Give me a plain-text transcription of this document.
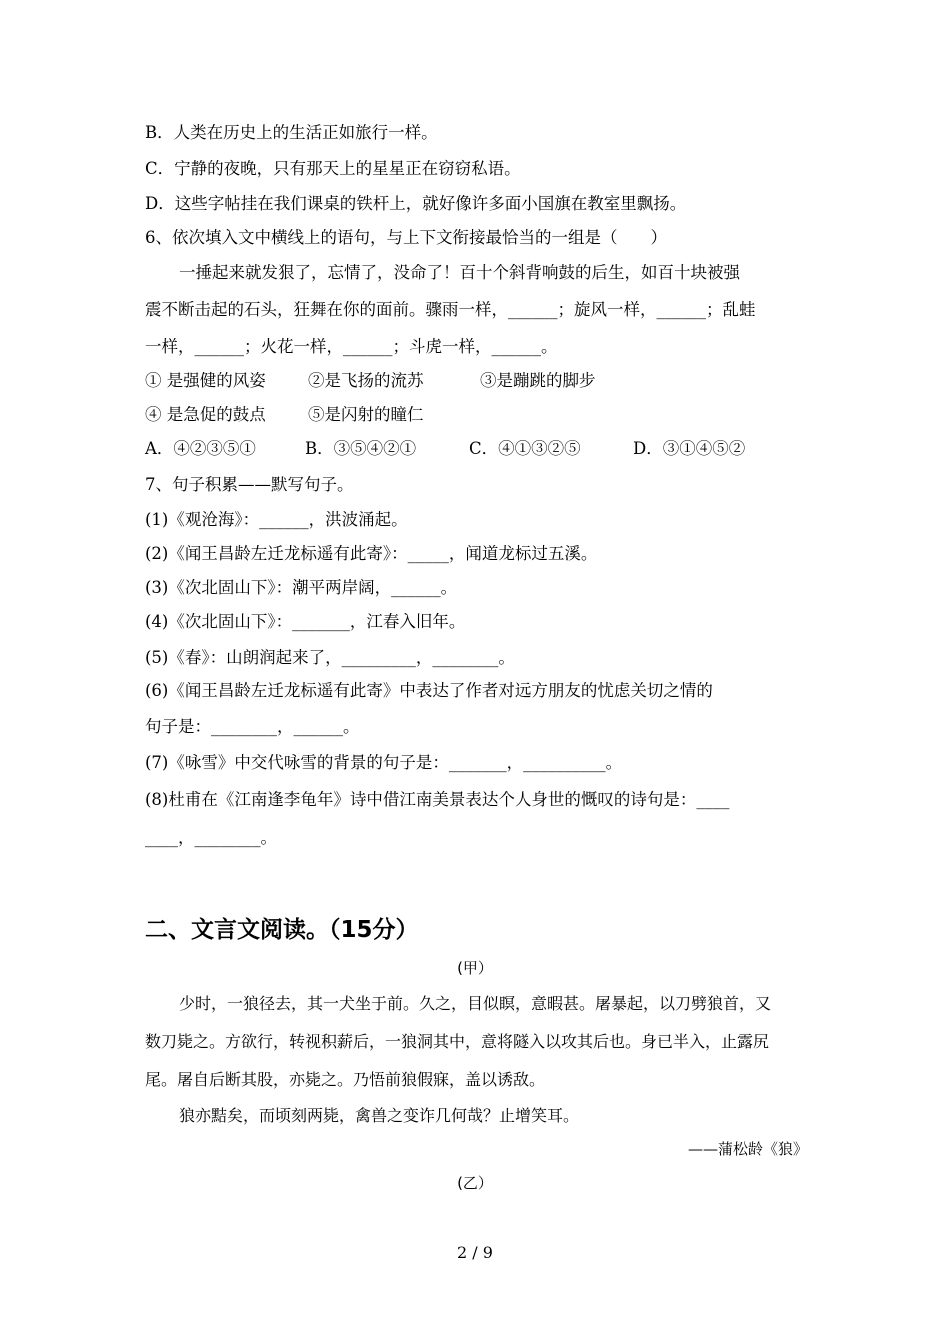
B．人类在历史上的生活正如旅行一样。
C．宁静的夜晚，只有那天上的星星正在窃窃私语。
D．这些字帖挂在我们课桌的铁杆上，就好像许多面小国旗在教室里飘扬。
6、依次填入文中横线上的语句，与上下文衔接最恰当的一组是（　　）
一捶起来就发狠了，忘情了，没命了！百十个斜背响鼓的后生，如百十块被强
震不断击起的石头，狂舞在你的面前。骤雨一样，______；旋风一样，______；乱蛙
一样，______；火花一样，______；斗虎一样，______。
① 是强健的风姿	②是飞扬的流苏	③是蹦跳的脚步
④ 是急促的鼓点	⑤是闪射的瞳仁
A．④②③⑤①	B．③⑤④②①	C．④①③②⑤	D．③①④⑤②
7、句子积累——默写句子。
(1)《观沧海》：______，洪波涌起。
(2)《闻王昌龄左迁龙标遥有此寄》：_____，闻道龙标过五溪。
(3)《次北固山下》：潮平两岸阔，______。
(4)《次北固山下》：_______，江春入旧年。
(5)《春》：山朗润起来了，_________，________。
(6)《闻王昌龄左迁龙标遥有此寄》中表达了作者对远方朋友的忧虑关切之情的
句子是：________，______。
(7)《咏雪》中交代咏雪的背景的句子是：_______，__________。
(8)杜甫在《江南逢李龟年》诗中借江南美景表达个人身世的慨叹的诗句是：____
____，________。
二、文言文阅读。（15分）
(甲）
少时，一狼径去，其一犬坐于前。久之，目似瞑，意暇甚。屠暴起，以刀劈狼首，又
数刀毙之。方欲行，转视积薪后，一狼洞其中，意将隧入以攻其后也。身已半入，止露尻
尾。屠自后断其股，亦毙之。乃悟前狼假寐，盖以诱敌。
狼亦黠矣，而顷刻两毙，禽兽之变诈几何哉？止增笑耳。
——蒲松龄《狼》
(乙）
2 / 9
